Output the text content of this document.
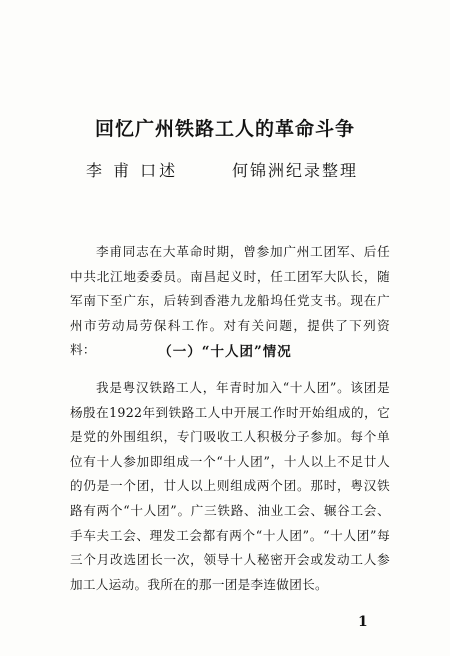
回忆广州铁路工人的革命斗争
李 甫 口述	何锦洲纪录整理

李甫同志在大革命时期，曾参加广州工团军、后任中共北江地委委员。南昌起义时，任工团军大队长，随军南下至广东，后转到香港九龙船坞任党支书。现在广州市劳动局劳保科工作。对有关问题，提供了下列资料：	（一）“十人团”情况

我是粤汉铁路工人，年青时加入“十人团”。该团是杨殷在1922年到铁路工人中开展工作时开始组成的，它是党的外围组织，专门吸收工人积极分子参加。每个单位有十人参加即组成一个“十人团”，十人以上不足廿人的仍是一个团，廿人以上则组成两个团。那时，粤汉铁路有两个“十人团”。广三铁路、油业工会、辗谷工会、手车夫工会、理发工会都有两个“十人团”。“十人团”每三个月改选团长一次，领导十人秘密开会或发动工人参加工人运动。我所在的那一团是李连做团长。

1
